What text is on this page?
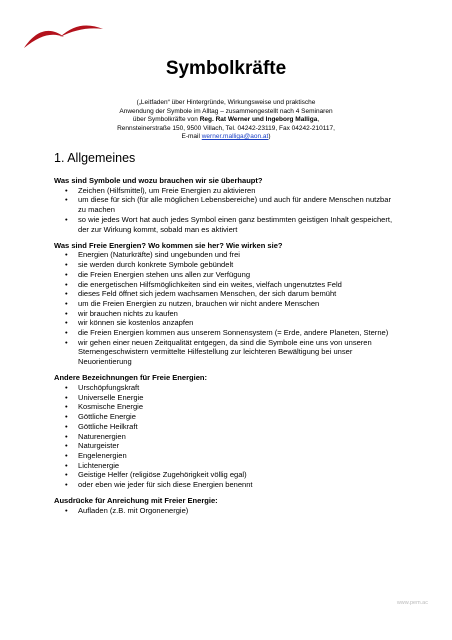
Symbolkräfte
(„Leitfaden“ über Hintergründe, Wirkungsweise und praktische
Anwendung der Symbole im Alltag – zusammengestellt nach 4 Seminaren
über Symbolkräfte von Reg. Rat Werner und Ingeborg Malliga,
Rennsteinerstraße 150, 9500 Villach, Tel. 04242-23119, Fax 04242-210117,
E-mail werner.malliga@aon.at)
1. Allgemeines
Was sind Symbole und wozu brauchen wir sie überhaupt?
• Zeichen (Hilfsmittel), um Freie Energien zu aktivieren
• um diese für sich (für alle möglichen Lebensbereiche) und auch für andere Menschen nutzbar zu machen
• so wie jedes Wort hat auch jedes Symbol einen ganz bestimmten geistigen Inhalt gespeichert, der zur Wirkung kommt, sobald man es aktiviert
Was sind Freie Energien? Wo kommen sie her? Wie wirken sie?
• Energien (Naturkräfte) sind ungebunden und frei
• sie werden durch konkrete Symbole gebündelt
• die Freien Energien stehen uns allen zur Verfügung
• die energetischen Hilfsmöglichkeiten sind ein weites, vielfach ungenutztes Feld
• dieses Feld öffnet sich jedem wachsamen Menschen, der sich darum bemüht
• um die Freien Energien zu nutzen, brauchen wir nicht andere Menschen
• wir brauchen nichts zu kaufen
• wir können sie kostenlos anzapfen
• die Freien Energien kommen aus unserem Sonnensystem (= Erde, andere Planeten, Sterne)
• wir gehen einer neuen Zeitqualität entgegen, da sind die Symbole eine uns von unseren Sternengeschwistern vermittelte Hilfestellung zur leichteren Bewältigung bei unser Neuorientierung
Andere Bezeichnungen für Freie Energien:
• Urschöpfungskraft
• Universelle Energie
• Kosmische Energie
• Göttliche Energie
• Göttliche Heilkraft
• Naturenergien
• Naturgeister
• Engelenergien
• Lichtenergie
• Geistige Helfer (religiöse Zugehörigkeit völlig egal)
• oder eben wie jeder für sich diese Energien benennt
Ausdrücke für Anreichung mit Freier Energie:
• Aufladen (z.B. mit Orgonenergie)
www.pem.ac
